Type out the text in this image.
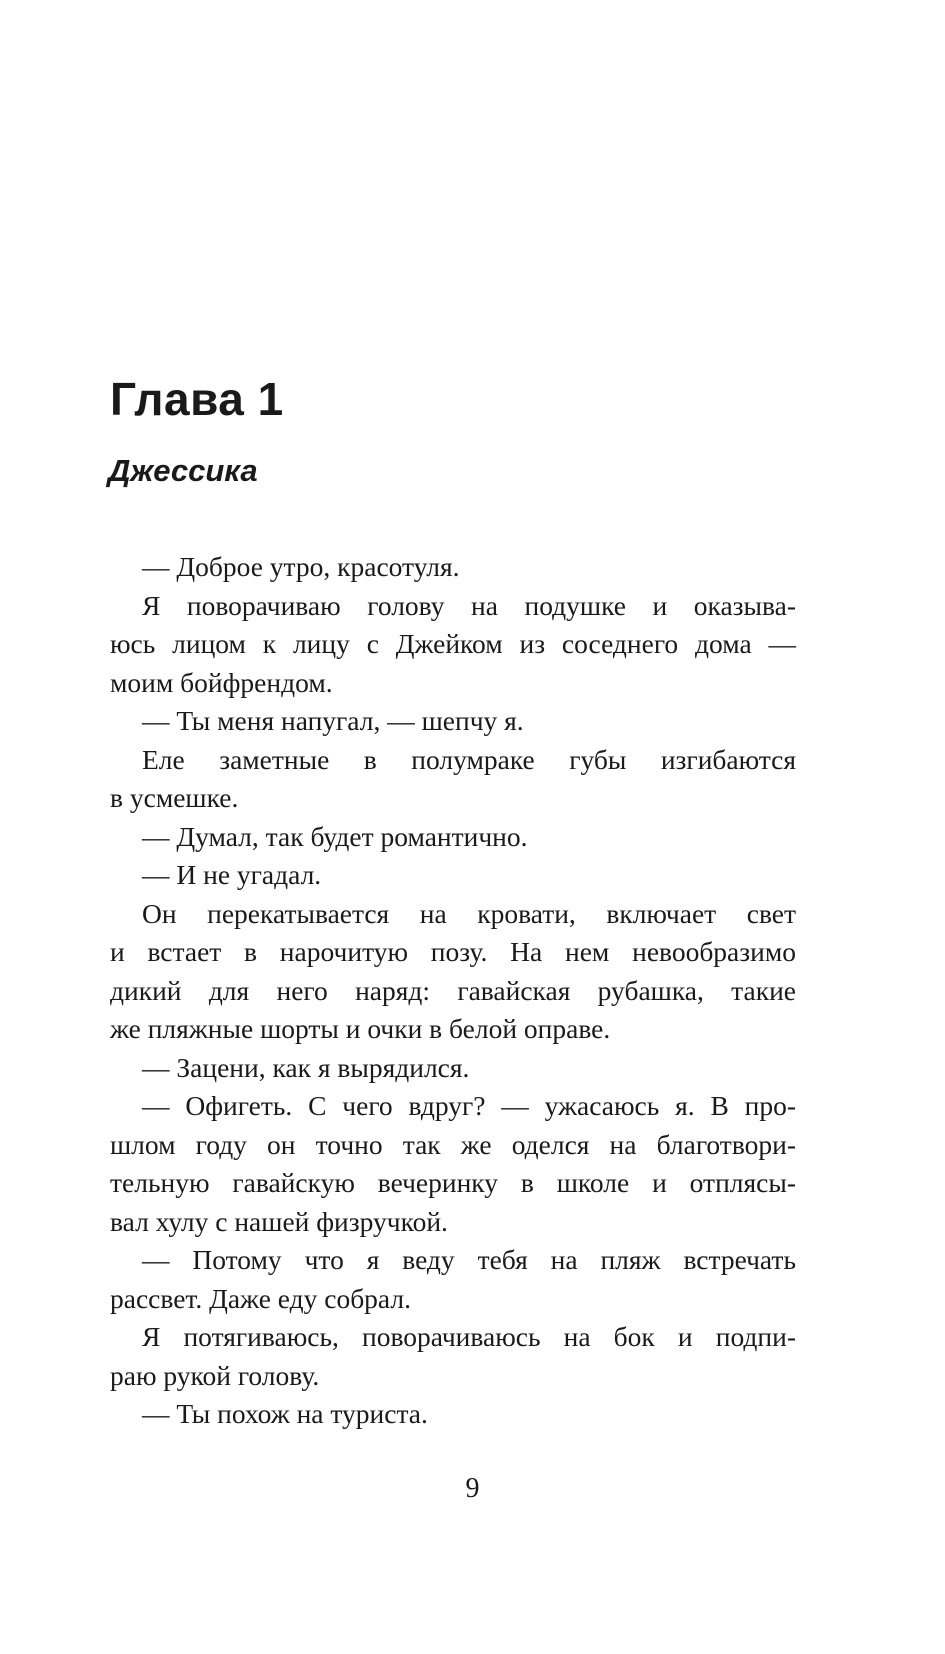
Глава 1
Джессика
— Доброе утро, красотуля.
Я поворачиваю голову на подушке и оказыва-
юсь лицом к лицу с Джейком из соседнего дома —
моим бойфрендом.
— Ты меня напугал, — шепчу я.
Еле заметные в полумраке губы изгибаются
в усмешке.
— Думал, так будет романтично.
— И не угадал.
Он перекатывается на кровати, включает свет
и встает в нарочитую позу. На нем невообразимо
дикий для него наряд: гавайская рубашка, такие
же пляжные шорты и очки в белой оправе.
— Зацени, как я вырядился.
— Офигеть. С чего вдруг? — ужасаюсь я. В про-
шлом году он точно так же оделся на благотвори-
тельную гавайскую вечеринку в школе и отплясы-
вал хулу с нашей физручкой.
— Потому что я веду тебя на пляж встречать
рассвет. Даже еду собрал.
Я потягиваюсь, поворачиваюсь на бок и подпи-
раю рукой голову.
— Ты похож на туриста.

9
